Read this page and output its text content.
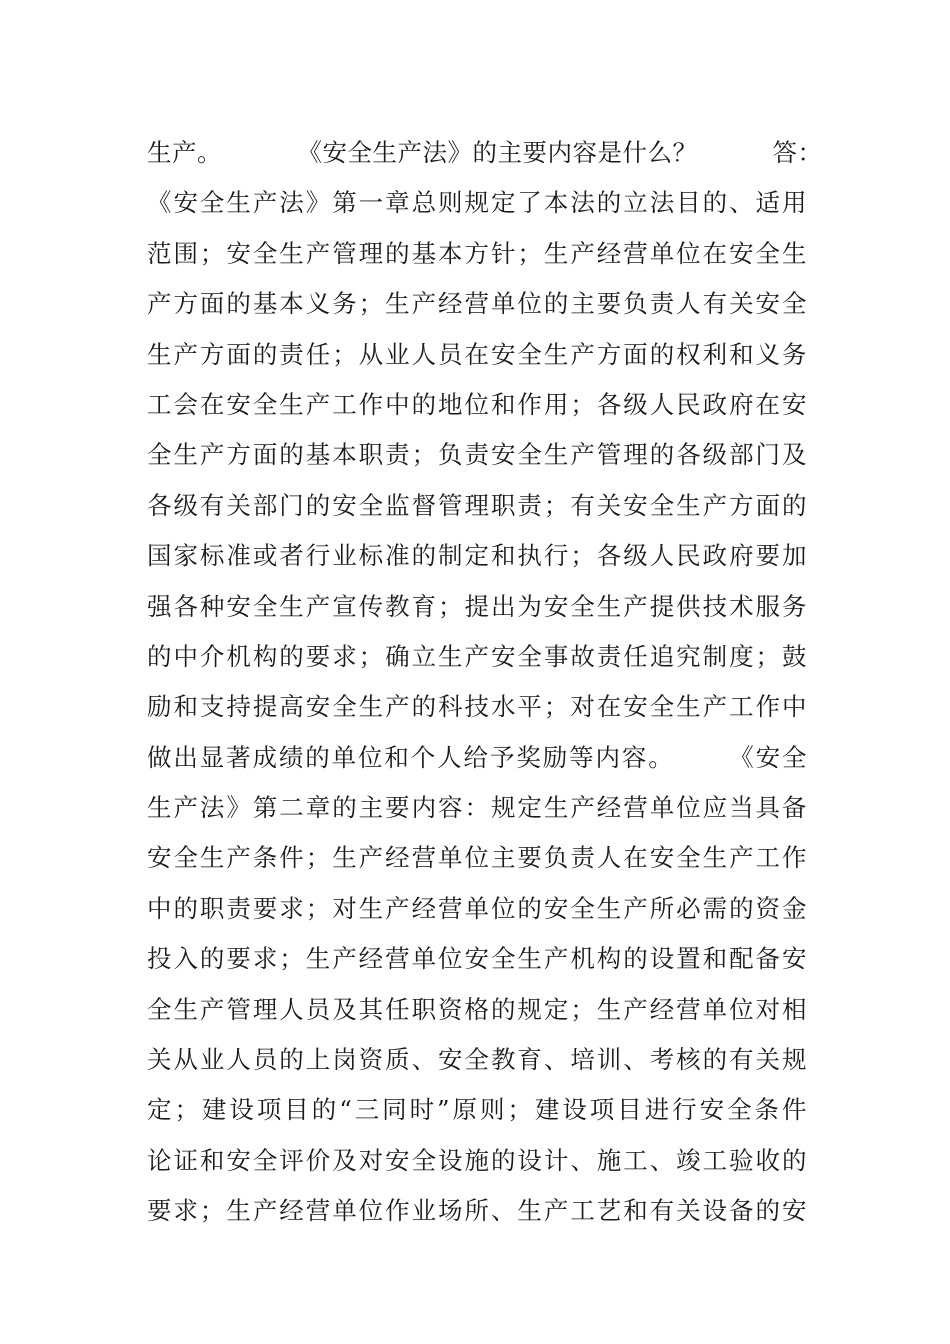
生产。　　　　《安全生产法》的主要内容是什么？　　　答：
《安全生产法》第一章总则规定了本法的立法目的、适用
范围；安全生产管理的基本方针；生产经营单位在安全生
产方面的基本义务；生产经营单位的主要负责人有关安全
生产方面的责任；从业人员在安全生产方面的权利和义务
工会在安全生产工作中的地位和作用；各级人民政府在安
全生产方面的基本职责；负责安全生产管理的各级部门及
各级有关部门的安全监督管理职责；有关安全生产方面的
国家标准或者行业标准的制定和执行；各级人民政府要加
强各种安全生产宣传教育；提出为安全生产提供技术服务
的中介机构的要求；确立生产安全事故责任追究制度；鼓
励和支持提高安全生产的科技水平；对在安全生产工作中
做出显著成绩的单位和个人给予奖励等内容。　　　《安全
生产法》第二章的主要内容：规定生产经营单位应当具备
安全生产条件；生产经营单位主要负责人在安全生产工作
中的职责要求；对生产经营单位的安全生产所必需的资金
投入的要求；生产经营单位安全生产机构的设置和配备安
全生产管理人员及其任职资格的规定；生产经营单位对相
关从业人员的上岗资质、安全教育、培训、考核的有关规
定；建设项目的“三同时”原则；建设项目进行安全条件
论证和安全评价及对安全设施的设计、施工、竣工验收的
要求；生产经营单位作业场所、生产工艺和有关设备的安
